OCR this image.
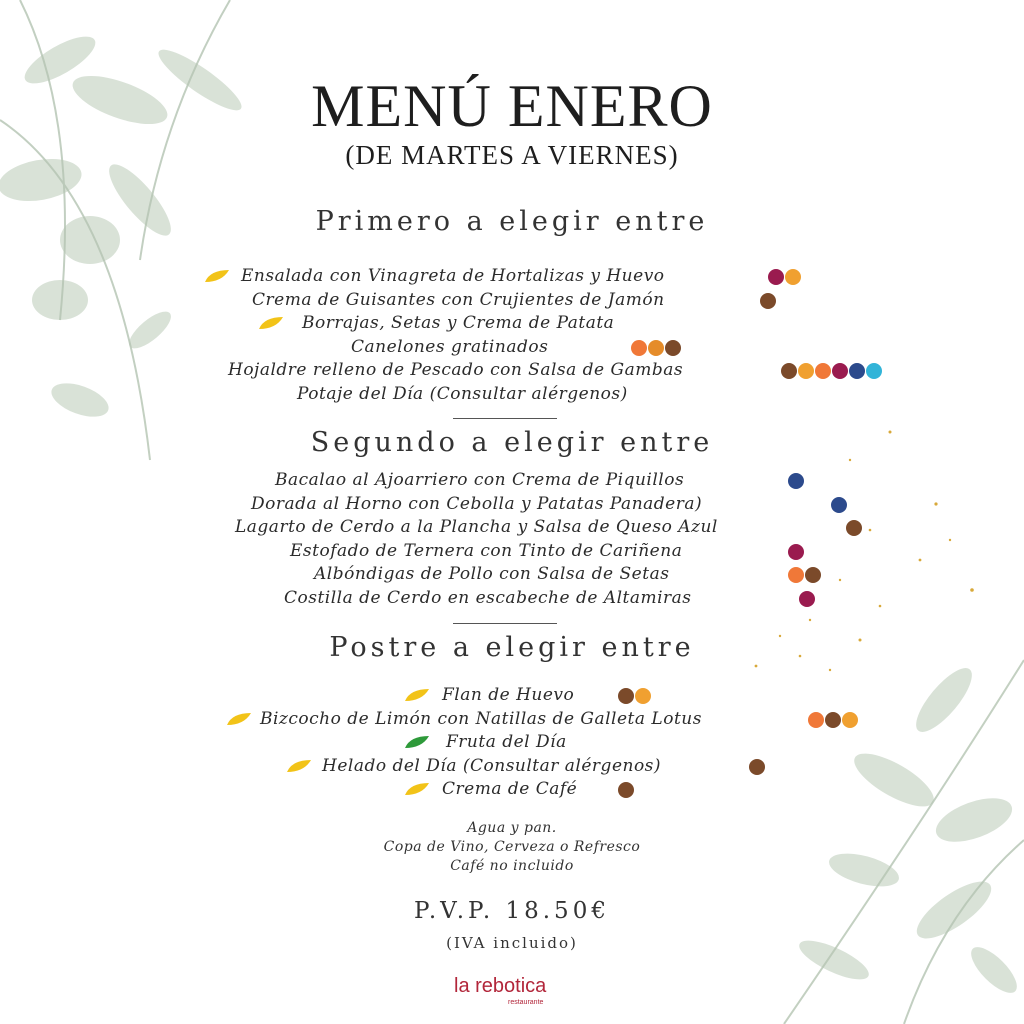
MENÚ ENERO
(DE MARTES A VIERNES)
Primero a elegir entre
Ensalada con Vinagreta de Hortalizas y Huevo
Crema de Guisantes con Crujientes de Jamón
Borrajas, Setas y Crema de Patata
Canelones gratinados
Hojaldre relleno de Pescado con Salsa de Gambas
Potaje del Día (Consultar alérgenos)
Segundo a elegir entre
Bacalao al Ajoarriero con Crema de Piquillos
Dorada al Horno con Cebolla y Patatas Panadera)
Lagarto de Cerdo a la Plancha y Salsa de Queso Azul
Estofado de Ternera con Tinto de Cariñena
Albóndigas de Pollo con Salsa de Setas
Costilla de Cerdo en escabeche de Altamiras
Postre a elegir entre
Flan de Huevo
Bizcocho de Limón con Natillas de Galleta Lotus
Fruta del Día
Helado del Día (Consultar alérgenos)
Crema de Café
Agua y pan.
Copa de Vino, Cerveza o Refresco
Café no incluido
P.V.P. 18.50€
(IVA incluido)
la rebotica
restaurante
